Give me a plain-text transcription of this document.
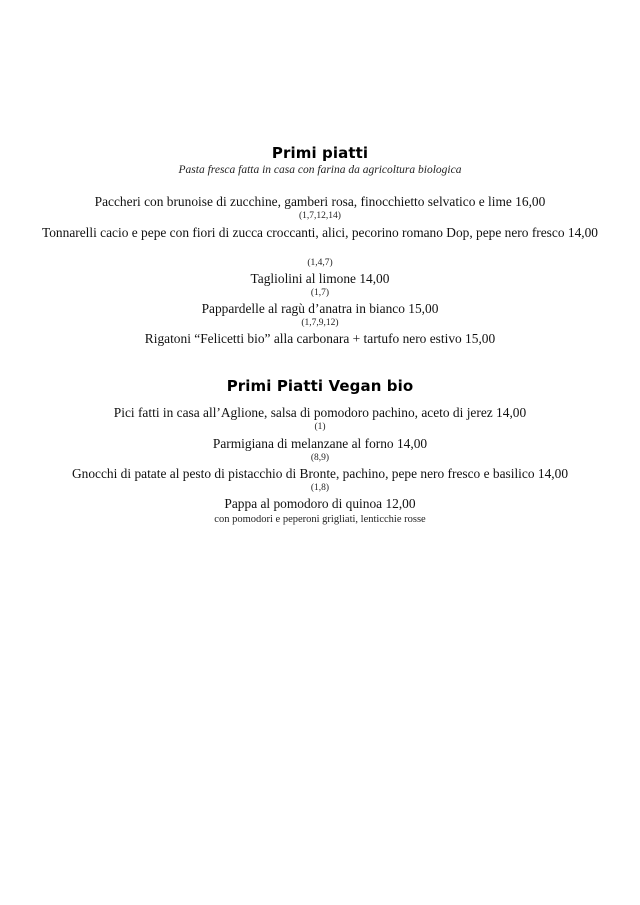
Primi piatti
Pasta fresca fatta in casa con farina da agricoltura biologica
Paccheri con brunoise di zucchine, gamberi rosa, finocchietto selvatico e lime 16,00
(1,7,12,14)
Tonnarelli cacio e pepe con fiori di zucca croccanti, alici, pecorino romano Dop, pepe nero fresco 14,00
(1,4,7)
Tagliolini al limone 14,00
(1,7)
Pappardelle al ragù d’anatra in bianco 15,00
(1,7,9,12)
Rigatoni “Felicetti bio” alla carbonara + tartufo nero estivo 15,00
Primi Piatti Vegan bio
Pici fatti in casa all’Aglione, salsa di pomodoro pachino, aceto di jerez 14,00
(1)
Parmigiana di melanzane al forno 14,00
(8,9)
Gnocchi di patate al pesto di pistacchio di Bronte, pachino, pepe nero fresco e basilico 14,00
(1,8)
Pappa al pomodoro di quinoa 12,00
con pomodori e peperoni grigliati, lenticchie rosse
